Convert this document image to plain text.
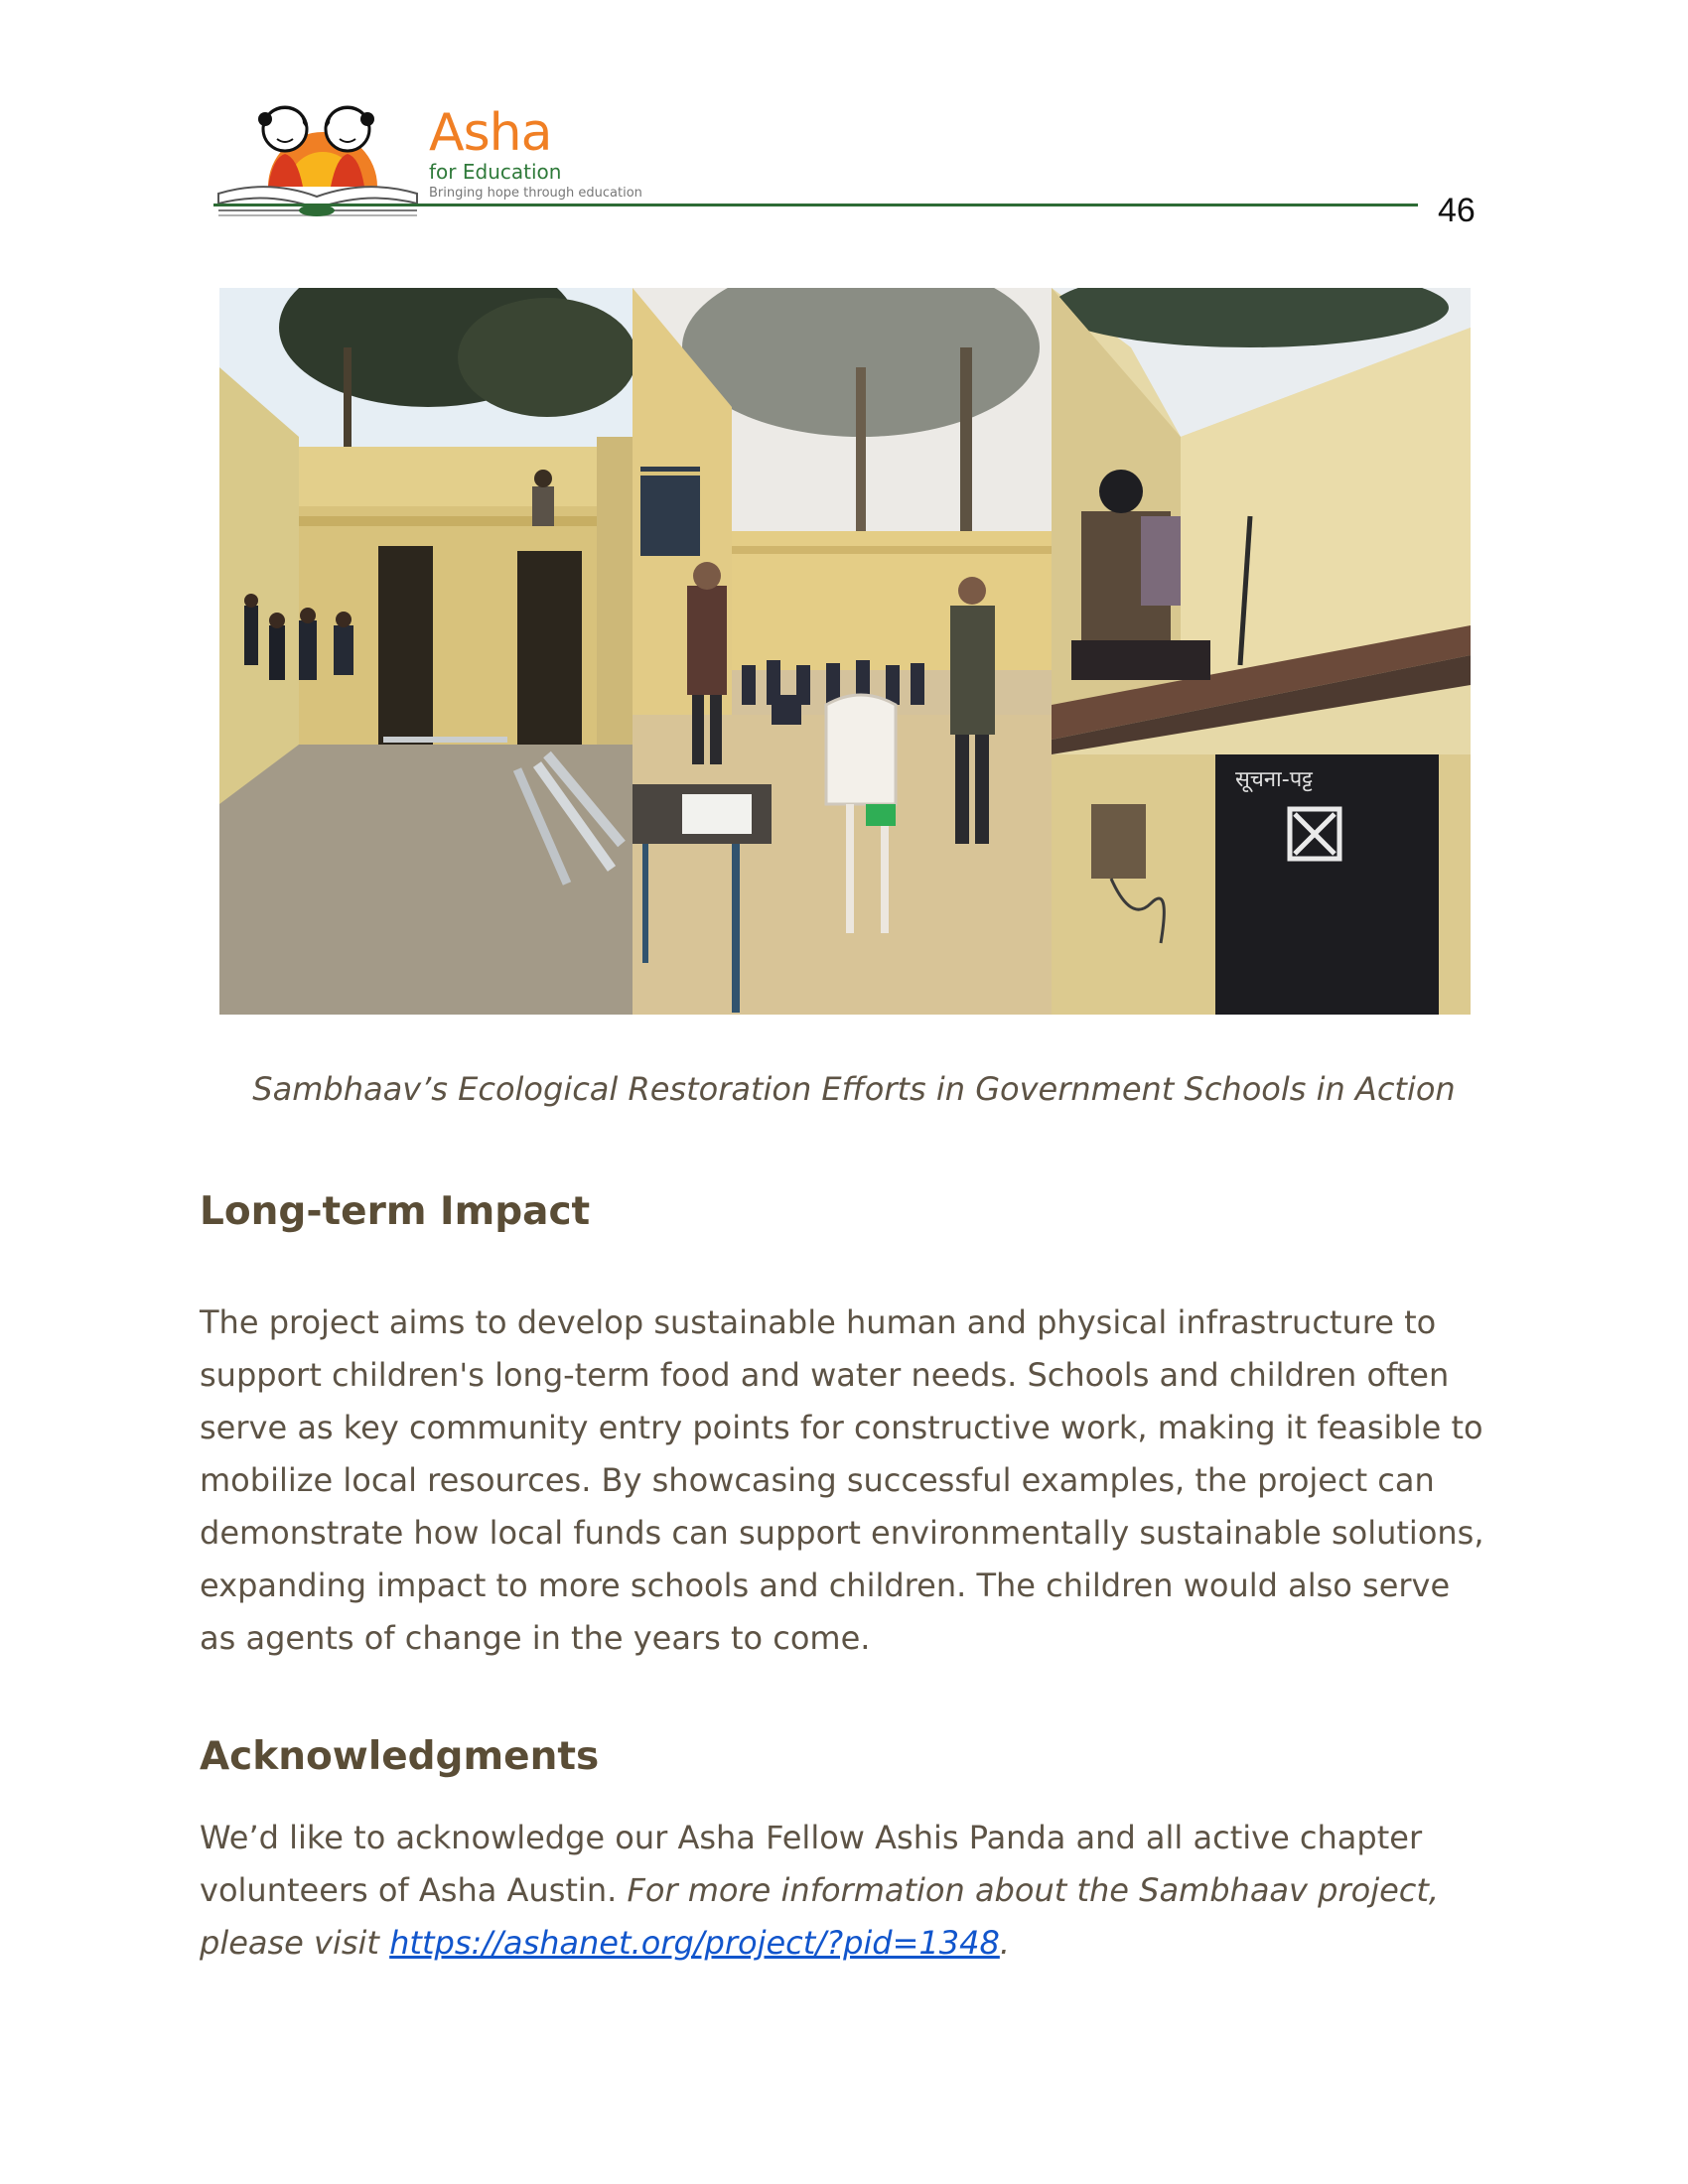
Asha
for Education
Bringing hope through education	46
सूचना-पट्ट
Sambhaav’s Ecological Restoration Efforts in Government Schools in Action
Long-term Impact

The project aims to develop sustainable human and physical infrastructure to support children's long-term food and water needs. Schools and children often serve as key community entry points for constructive work, making it feasible to mobilize local resources. By showcasing successful examples, the project can demonstrate how local funds can support environmentally sustainable solutions, expanding impact to more schools and children. The children would also serve as agents of change in the years to come.

Acknowledgments

We’d like to acknowledge our Asha Fellow Ashis Panda and all active chapter volunteers of Asha Austin. For more information about the Sambhaav project, please visit https://ashanet.org/project/?pid=1348.
